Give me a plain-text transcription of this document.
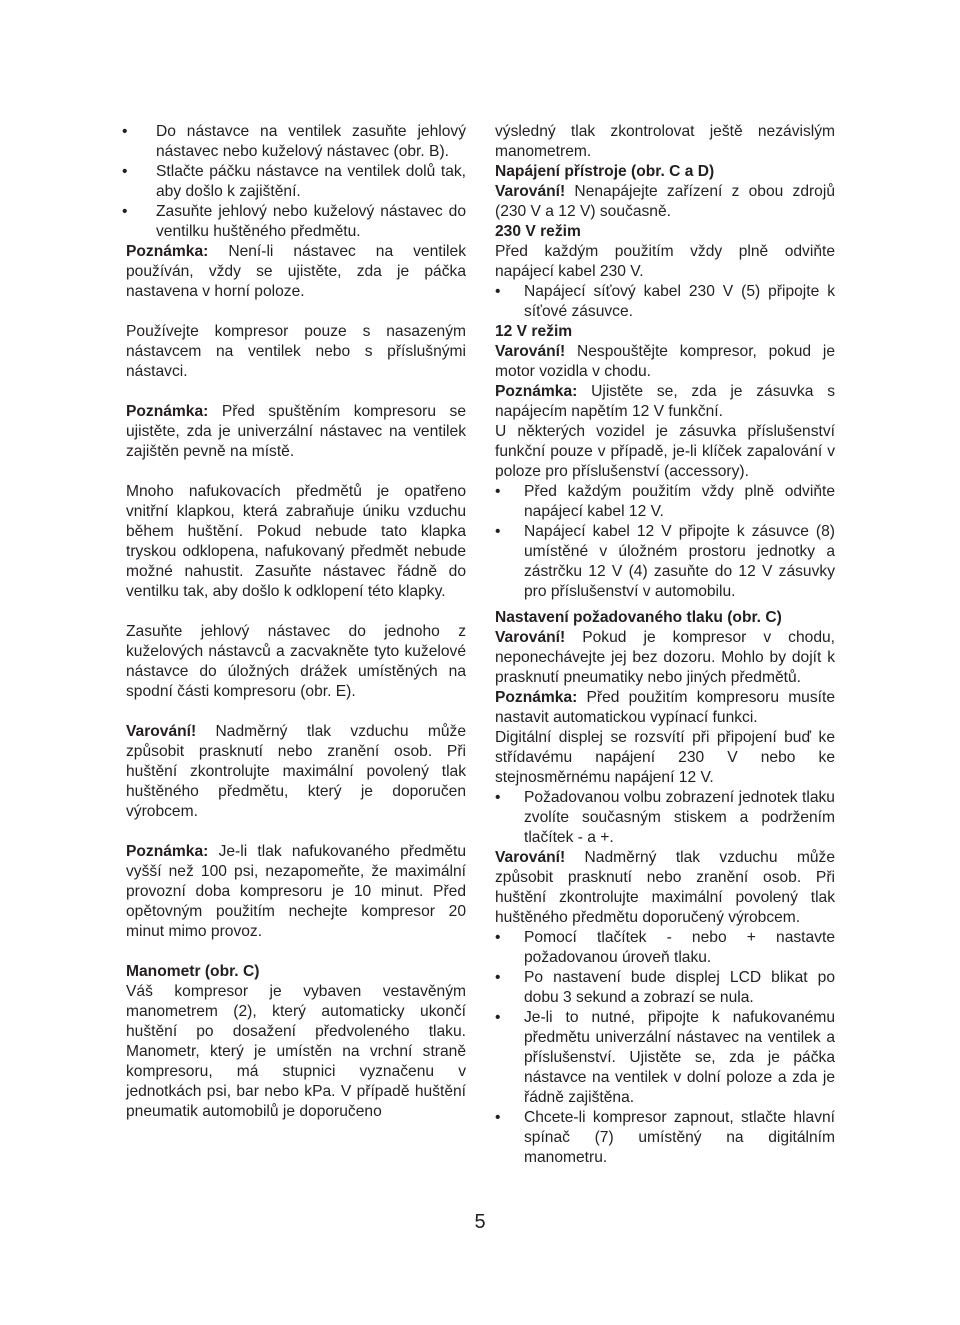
• Do nástavce na ventilek zasuňte jehlový nástavec nebo kuželový nástavec (obr. B).
• Stlačte páčku nástavce na ventilek dolů tak, aby došlo k zajištění.
• Zasuňte jehlový nebo kuželový nástavec do ventilku huštěného předmětu.

Poznámka: Není-li nástavec na ventilek používán, vždy se ujistěte, zda je páčka nastavena v horní poloze.

Používejte kompresor pouze s nasazeným nástavcem na ventilek nebo s příslušnými nástavci.

Poznámka: Před spuštěním kompresoru se ujistěte, zda je univerzální nástavec na ventilek zajištěn pevně na místě.

Mnoho nafukovacích předmětů je opatřeno vnitřní klapkou, která zabraňuje úniku vzduchu během huštění. Pokud nebude tato klapka tryskou odklopena, nafukovaný předmět nebude možné nahustit. Zasuňte nástavec řádně do ventilku tak, aby došlo k odklopení této klapky.

Zasuňte jehlový nástavec do jednoho z kuželových nástavců a zacvakněte tyto kuželové nástavce do úložných drážek umístěných na spodní části kompresoru (obr. E).

Varování! Nadměrný tlak vzduchu může způsobit prasknutí nebo zranění osob. Při huštění zkontrolujte maximální povolený tlak huštěného předmětu, který je doporučen výrobcem.

Poznámka: Je-li tlak nafukovaného předmětu vyšší než 100 psi, nezapomeňte, že maximální provozní doba kompresoru je 10 minut. Před opětovným použitím nechejte kompresor 20 minut mimo provoz.

Manometr (obr. C)

Váš kompresor je vybaven vestavěným manometrem (2), který automaticky ukončí huštění po dosažení předvoleného tlaku. Manometr, který je umístěn na vrchní straně kompresoru, má stupnici vyznačenu v jednotkách psi, bar nebo kPa. V případě huštění pneumatik automobilů je doporučeno

výsledný tlak zkontrolovat ještě nezávislým manometrem.

Napájení přístroje (obr. C a D)

Varování! Nenapájejte zařízení z obou zdrojů (230 V a 12 V) současně.

230 V režim

Před každým použitím vždy plně odviňte napájecí kabel 230 V.

• Napájecí síťový kabel 230 V (5) připojte k síťové zásuvce.

12 V režim

Varování! Nespouštějte kompresor, pokud je motor vozidla v chodu.

Poznámka: Ujistěte se, zda je zásuvka s napájecím napětím 12 V funkční.

U některých vozidel je zásuvka příslušenství funkční pouze v případě, je-li klíček zapalování v poloze pro příslušenství (accessory).

• Před každým použitím vždy plně odviňte napájecí kabel 12 V.
• Napájecí kabel 12 V připojte k zásuvce (8) umístěné v úložném prostoru jednotky a zástrčku 12 V (4) zasuňte do 12 V zásuvky pro příslušenství v automobilu.

Nastavení požadovaného tlaku (obr. C)

Varování! Pokud je kompresor v chodu, neponechávejte jej bez dozoru. Mohlo by dojít k prasknutí pneumatiky nebo jiných předmětů.

Poznámka: Před použitím kompresoru musíte nastavit automatickou vypínací funkci.

Digitální displej se rozsvítí při připojení buď ke střídavému napájení 230 V nebo ke stejnosměrnému napájení 12 V.

• Požadovanou volbu zobrazení jednotek tlaku zvolíte současným stiskem a podržením tlačítek - a +.

Varování! Nadměrný tlak vzduchu může způsobit prasknutí nebo zranění osob. Při huštění zkontrolujte maximální povolený tlak huštěného předmětu doporučený výrobcem.

• Pomocí tlačítek - nebo + nastavte požadovanou úroveň tlaku.
• Po nastavení bude displej LCD blikat po dobu 3 sekund a zobrazí se nula.
• Je-li to nutné, připojte k nafukovanému předmětu univerzální nástavec na ventilek a příslušenství. Ujistěte se, zda je páčka nástavce na ventilek v dolní poloze a zda je řádně zajištěna.
• Chcete-li kompresor zapnout, stlačte hlavní spínač (7) umístěný na digitálním manometru.
5
